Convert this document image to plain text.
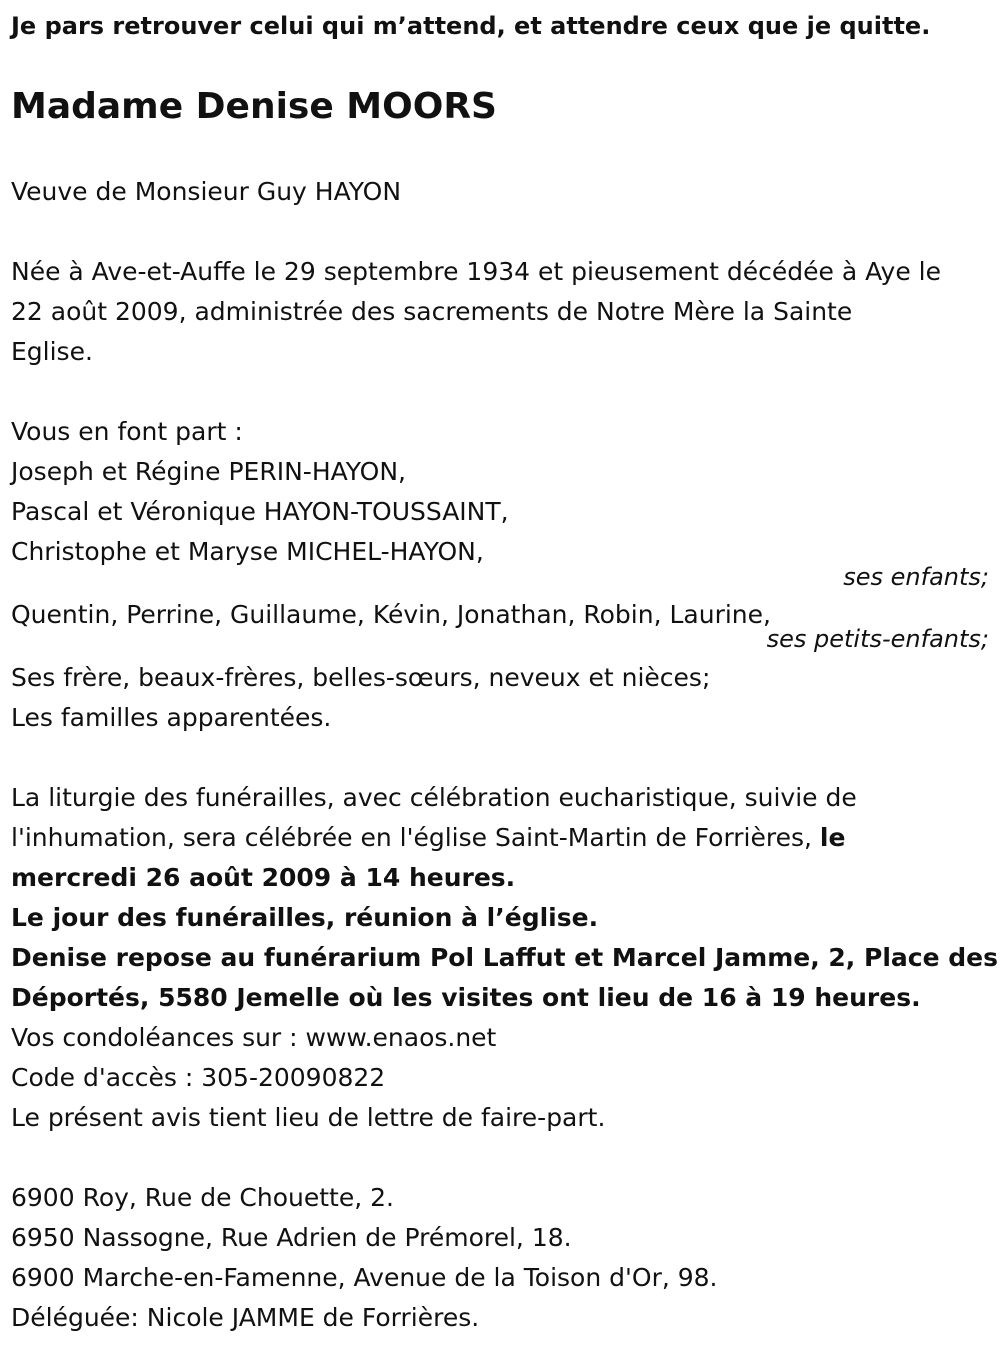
Je pars retrouver celui qui m’attend, et attendre ceux que je quitte.
Madame Denise MOORS
Veuve de Monsieur Guy HAYON
Née à Ave-et-Auffe le 29 septembre 1934 et pieusement décédée à Aye le
22 août 2009, administrée des sacrements de Notre Mère la Sainte
Eglise.
Vous en font part :
Joseph et Régine PERIN-HAYON,
Pascal et Véronique HAYON-TOUSSAINT,
Christophe et Maryse MICHEL-HAYON,
ses enfants;
Quentin, Perrine, Guillaume, Kévin, Jonathan, Robin, Laurine,
ses petits-enfants;
Ses frère, beaux-frères, belles-sœurs, neveux et nièces;
Les familles apparentées.
La liturgie des funérailles, avec célébration eucharistique, suivie de
l'inhumation, sera célébrée en l'église Saint-Martin de Forrières, le
mercredi 26 août 2009 à 14 heures.
Le jour des funérailles, réunion à l’église.
Denise repose au funérarium Pol Laffut et Marcel Jamme, 2, Place des
Déportés, 5580 Jemelle où les visites ont lieu de 16 à 19 heures.
Vos condoléances sur : www.enaos.net
Code d'accès : 305-20090822
Le présent avis tient lieu de lettre de faire-part.
6900 Roy, Rue de Chouette, 2.
6950 Nassogne, Rue Adrien de Prémorel, 18.
6900 Marche-en-Famenne, Avenue de la Toison d'Or, 98.
Déléguée: Nicole JAMME de Forrières.
